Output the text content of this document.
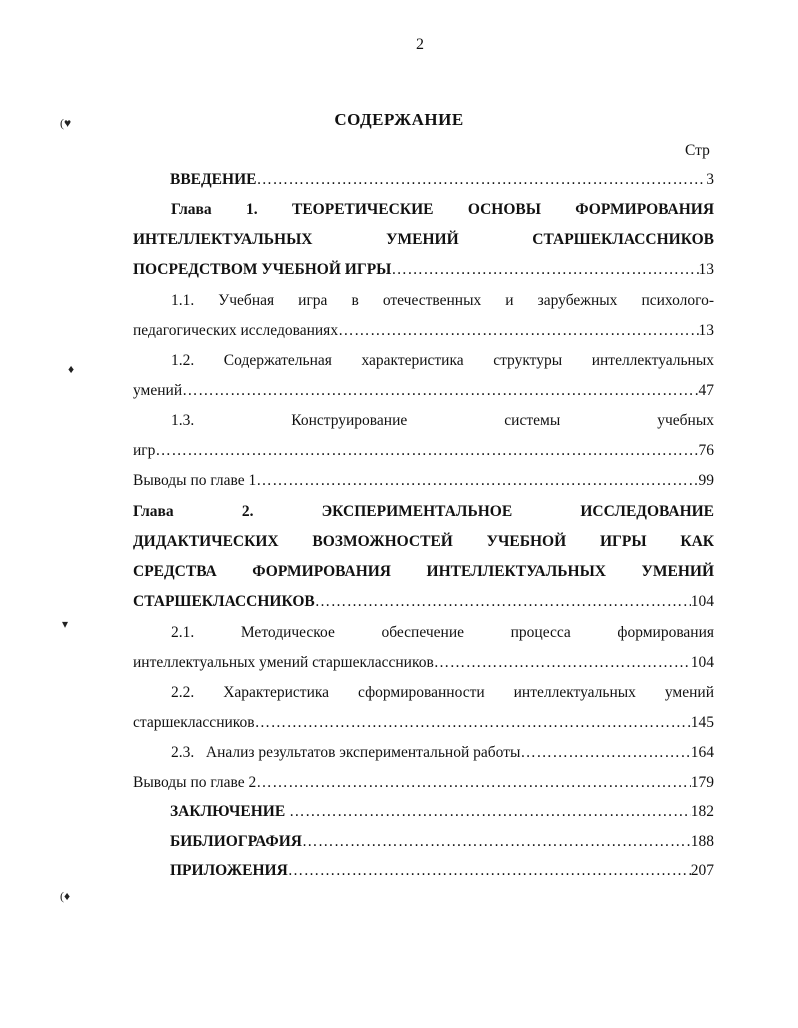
2
(♥
♦
▾
(♦
СОДЕРЖАНИЕ
Стр
ВВЕДЕНИЕ ……………………………………………………………………………………………………………………………………………………………………	3
Глава 1. ТЕОРЕТИЧЕСКИЕ ОСНОВЫ ФОРМИРОВАНИЯ
ИНТЕЛЛЕКТУАЛЬНЫХ	УМЕНИЙ	СТАРШЕКЛАССНИКОВ
ПОСРЕДСТВОМ УЧЕБНОЙ ИГРЫ ……………………………………………………………………………………………………………………………………………………………………	13
1.1. Учебная игра в отечественных и зарубежных психолого-
педагогических исследованиях ……………………………………………………………………………………………………………………………………………………………………	13
1.2. Содержательная характеристика структуры интеллектуальных
умений ……………………………………………………………………………………………………………………………………………………………………	47
1.3.	Конструирование	системы	учебных
игр ……………………………………………………………………………………………………………………………………………………………………	76
Выводы по главе 1 ……………………………………………………………………………………………………………………………………………………………………	99
Глава	2.	ЭКСПЕРИМЕНТАЛЬНОЕ	ИССЛЕДОВАНИЕ
ДИДАКТИЧЕСКИХ ВОЗМОЖНОСТЕЙ УЧЕБНОЙ ИГРЫ КАК
СРЕДСТВА ФОРМИРОВАНИЯ ИНТЕЛЛЕКТУАЛЬНЫХ УМЕНИЙ
СТАРШЕКЛАССНИКОВ ……………………………………………………………………………………………………………………………………………………………………	104
2.1.	Методическое	обеспечение	процесса	формирования
интеллектуальных умений старшеклассников ……………………………………………………………………………………………………………………………………………………………………	104
2.2. Характеристика сформированности интеллектуальных умений
старшеклассников ……………………………………………………………………………………………………………………………………………………………………	145
2.3.   Анализ результатов экспериментальной работы ……………………………………………………………………………………………………………………………………………………………………	164
Выводы по главе 2 ……………………………………………………………………………………………………………………………………………………………………	179
ЗАКЛЮЧЕНИЕ ……………………………………………………………………………………………………………………………………………………………………	182
БИБЛИОГРАФИЯ ……………………………………………………………………………………………………………………………………………………………………	188
ПРИЛОЖЕНИЯ ……………………………………………………………………………………………………………………………………………………………………	207
